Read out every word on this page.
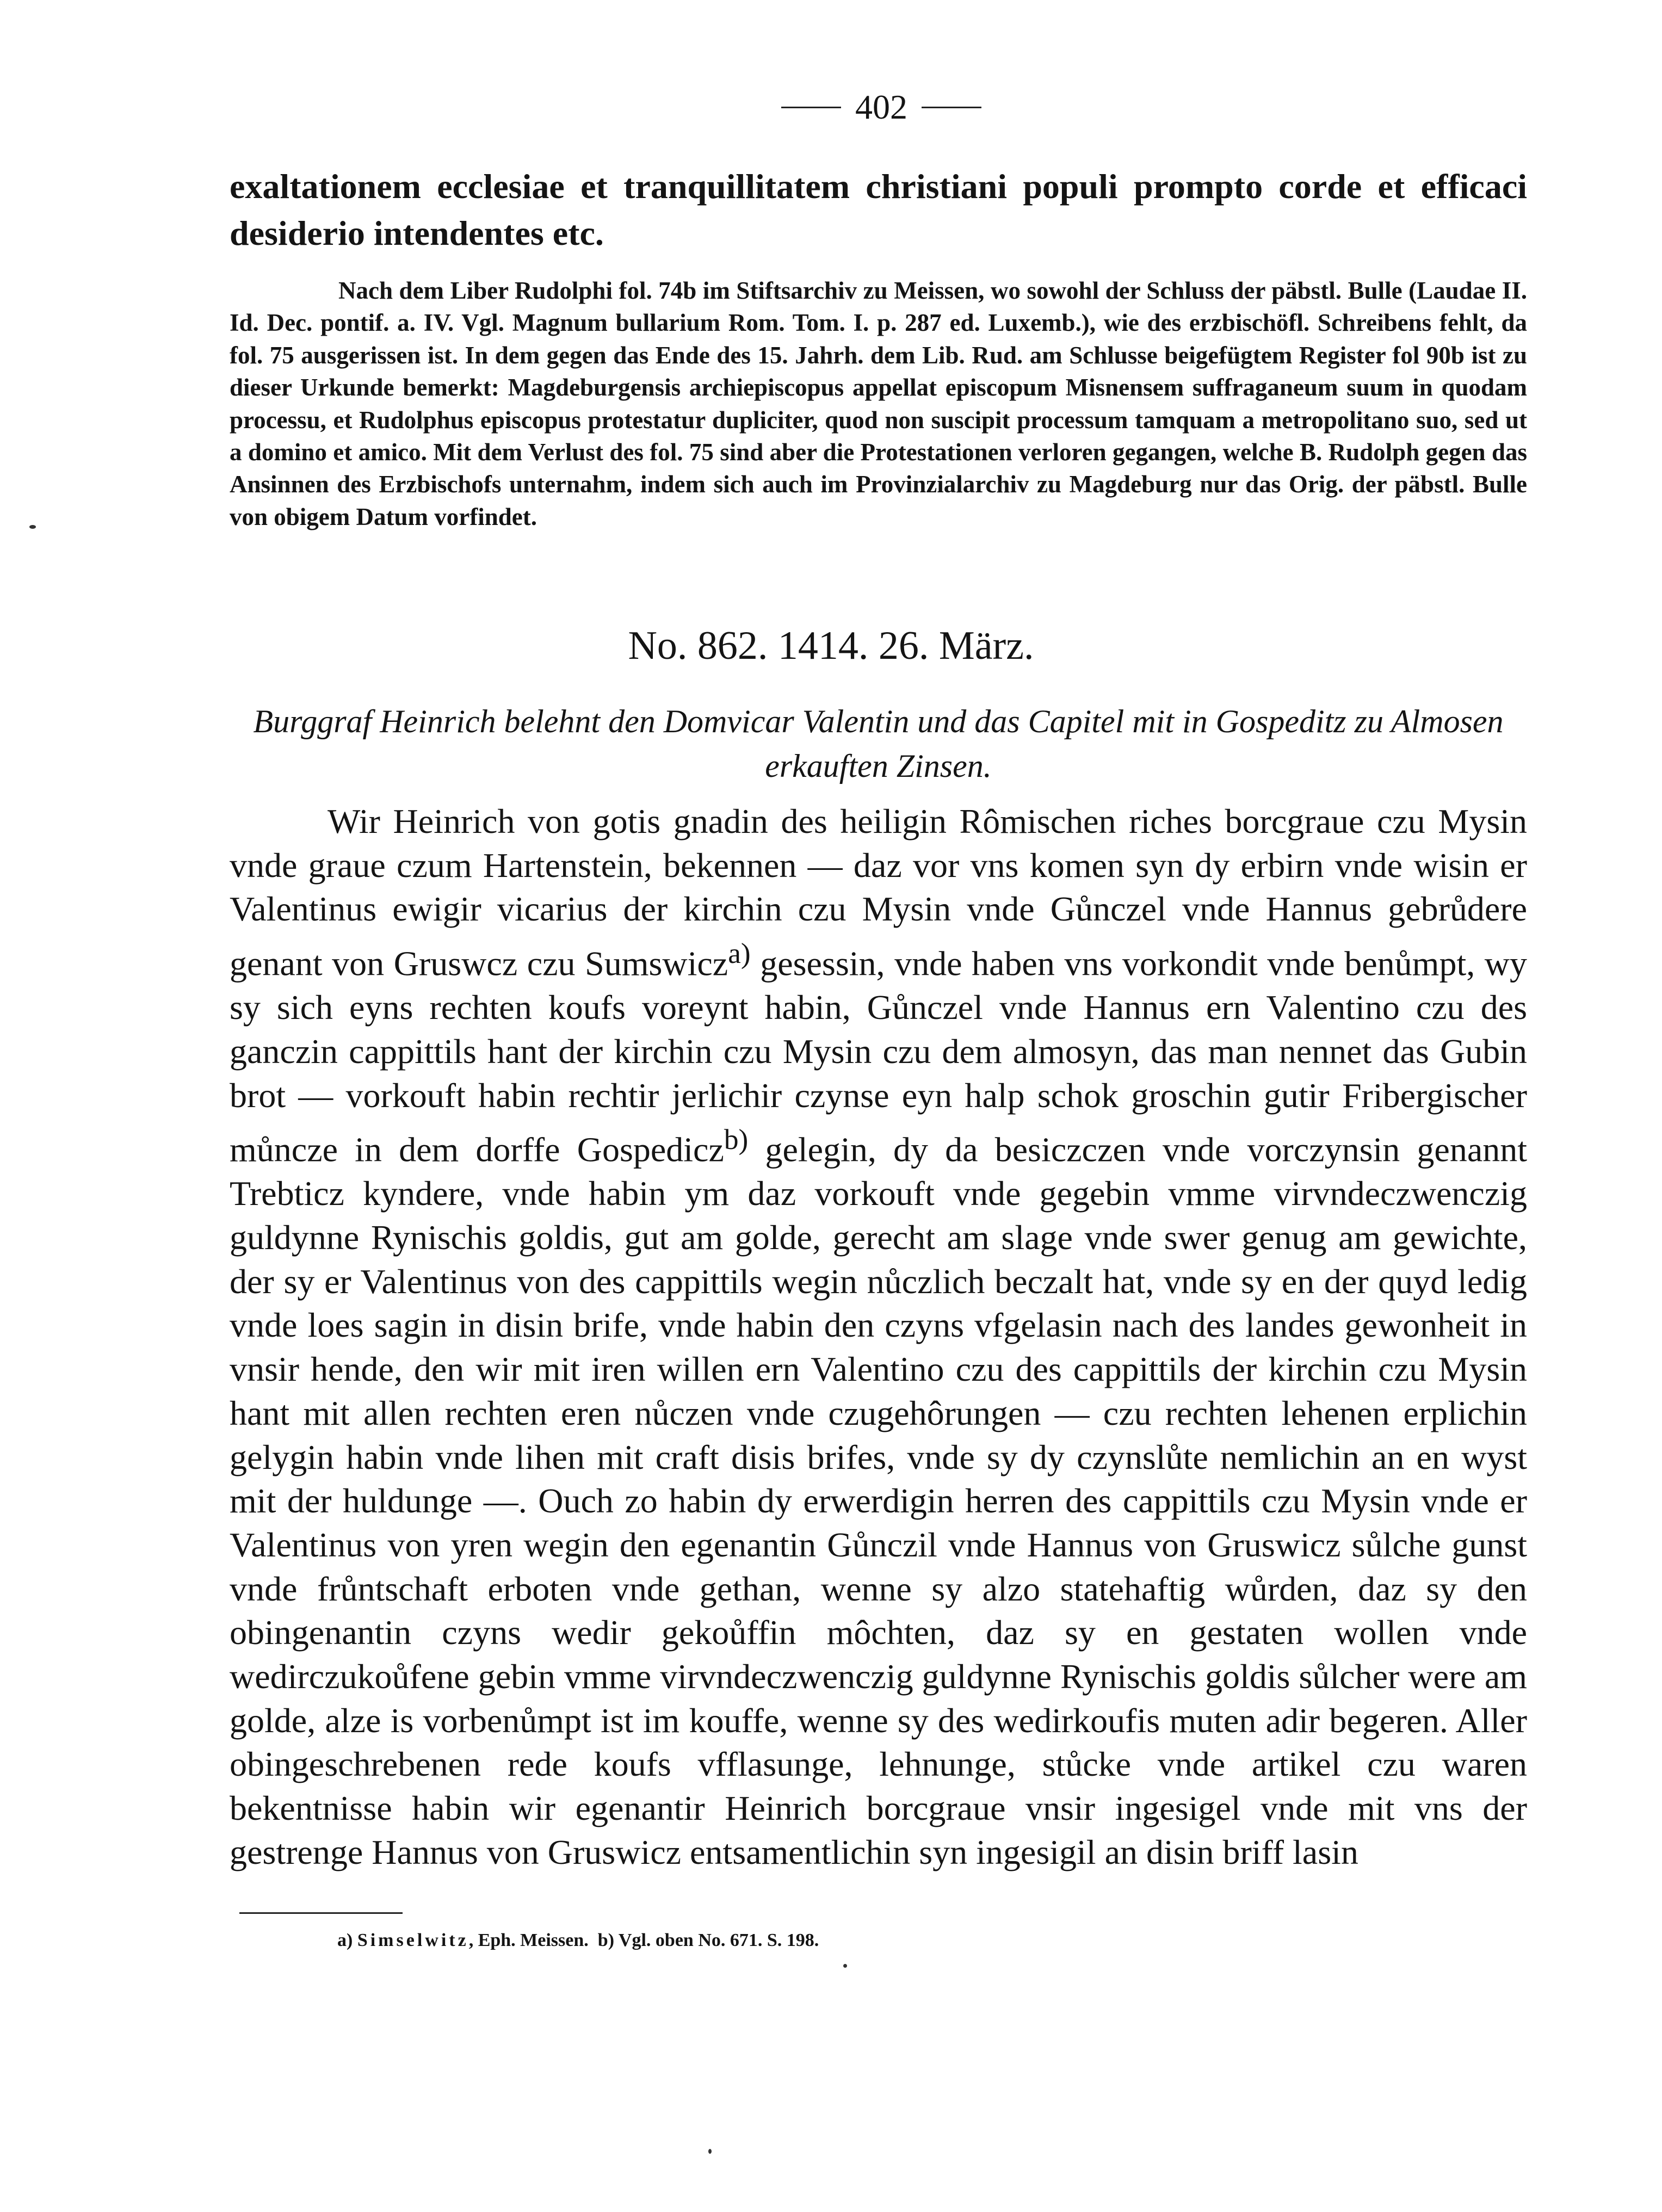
402

exaltationem ecclesiae et tranquillitatem christiani populi prompto corde et efficaci desiderio intendentes etc.

Nach dem Liber Rudolphi fol. 74b im Stiftsarchiv zu Meissen, wo sowohl der Schluss der päbstl. Bulle (Laudae II. Id. Dec. pontif. a. IV. Vgl. Magnum bullarium Rom. Tom. I. p. 287 ed. Luxemb.), wie des erzbischöfl. Schreibens fehlt, da fol. 75 ausgerissen ist. In dem gegen das Ende des 15. Jahrh. dem Lib. Rud. am Schlusse beigefügtem Register fol 90b ist zu dieser Urkunde bemerkt: Magdeburgensis archiepiscopus appellat episcopum Misnensem suffraganeum suum in quodam processu, et Rudolphus episcopus protestatur dupliciter, quod non suscipit processum tamquam a metropolitano suo, sed ut a domino et amico. Mit dem Verlust des fol. 75 sind aber die Protestationen verloren gegangen, welche B. Rudolph gegen das Ansinnen des Erzbischofs unternahm, indem sich auch im Provinzialarchiv zu Magdeburg nur das Orig. der päbstl. Bulle von obigem Datum vorfindet.

No. 862. 1414. 26. März.

Burggraf Heinrich belehnt den Domvicar Valentin und das Capitel mit in Gospeditz zu Almosen erkauften Zinsen.

Wir Heinrich von gotis gnadin des heiligin Rômischen riches borcgraue czu Mysin vnde graue czum Hartenstein, bekennen — daz vor vns komen syn dy erbirn vnde wisin er Valentinus ewigir vicarius der kirchin czu Mysin vnde Gůnczel vnde Hannus gebrůdere genant von Gruswcz czu Sumswicz$^{a)}$ gesessin, vnde haben vns vorkondit vnde benůmpt, wy sy sich eyns rechten koufs voreynt habin, Gůnczel vnde Hannus ern Valentino czu des ganczin cappittils hant der kirchin czu Mysin czu dem almosyn, das man nennet das Gubin brot — vorkouft habin rechtir jerlichir czynse eyn halp schok groschin gutir Fribergischer můncze in dem dorffe Gospedicz$^{b)}$ gelegin, dy da besiczczen vnde vorczynsin genannt Trebticz kyndere, vnde habin ym daz vorkouft vnde gegebin vmme virvndeczwenczig guldynne Rynischis goldis, gut am golde, gerecht am slage vnde swer genug am gewichte, der sy er Valentinus von des cappittils wegin nůczlich beczalt hat, vnde sy en der quyd ledig vnde loes sagin in disin brife, vnde habin den czyns vfgelasin nach des landes gewonheit in vnsir hende, den wir mit iren willen ern Valentino czu des cappittils der kirchin czu Mysin hant mit allen rechten eren nůczen vnde czugehôrungen — czu rechten lehenen erplichin gelygin habin vnde lihen mit craft disis brifes, vnde sy dy czynslůte nemlichin an en wyst mit der huldunge —. Ouch zo habin dy erwerdigin herren des cappittils czu Mysin vnde er Valentinus von yren wegin den egenantin Gůnczil vnde Hannus von Gruswicz sůlche gunst vnde frůntschaft erboten vnde gethan, wenne sy alzo statehaftig wůrden, daz sy den obingenantin czyns wedir gekoůffin môchten, daz sy en gestaten wollen vnde wedirczukoůfene gebin vmme virvndeczwenczig guldynne Rynischis goldis sůlcher were am golde, alze is vorbenůmpt ist im kouffe, wenne sy des wedirkoufis muten adir begeren. Aller obingeschrebenen rede koufs vfflasunge, lehnunge, stůcke vnde artikel czu waren bekentnisse habin wir egenantir Heinrich borcgraue vnsir ingesigel vnde mit vns der gestrenge Hannus von Gruswicz entsamentlichin syn ingesigil an disin briff lasin

a) Simselwitz, Eph. Meissen. b) Vgl. oben No. 671. S. 198.
